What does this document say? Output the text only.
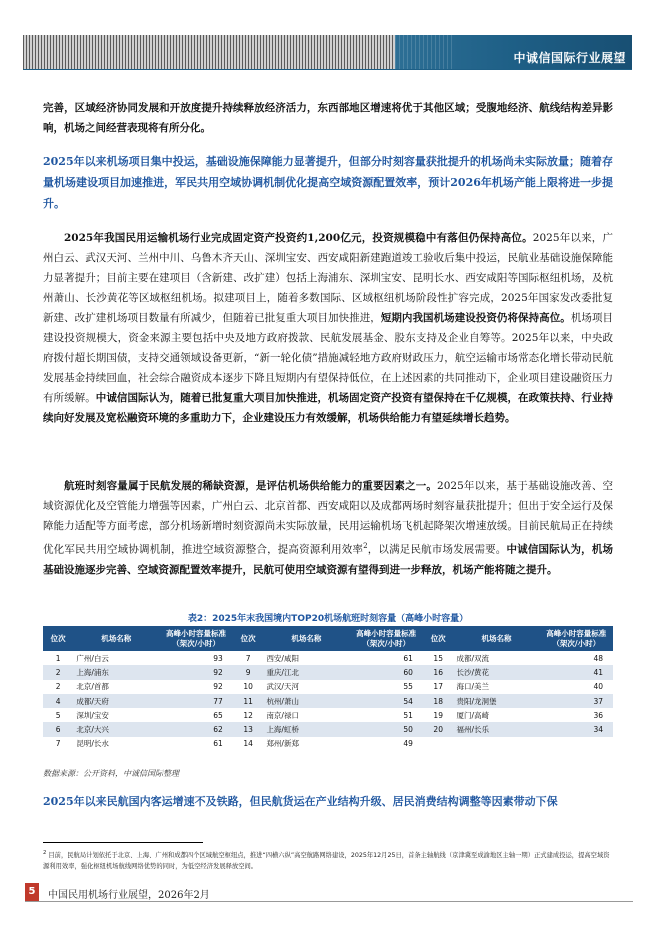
中诚信国际行业展望

完善，区域经济协同发展和开放度提升持续释放经济活力，东西部地区增速将优于其他区域；受腹地经济、航线结构差异影响，机场之间经营表现将有所分化。

2025年以来机场项目集中投运，基础设施保障能力显著提升，但部分时刻容量获批提升的机场尚未实际放量；随着存量机场建设项目加速推进，军民共用空域协调机制优化提高空域资源配置效率，预计2026年机场产能上限将进一步提升。

2025年我国民用运输机场行业完成固定资产投资约1,200亿元，投资规模稳中有落但仍保持高位。2025年以来，广州白云、武汉天河、兰州中川、乌鲁木齐天山、深圳宝安、西安咸阳新建跑道竣工验收后集中投运，民航业基础设施保障能力显著提升；目前主要在建项目（含新建、改扩建）包括上海浦东、深圳宝安、昆明长水、西安咸阳等国际枢纽机场，及杭州萧山、长沙黄花等区域枢纽机场。拟建项目上，随着多数国际、区域枢纽机场阶段性扩容完成，2025年国家发改委批复新建、改扩建机场项目数量有所减少，但随着已批复重大项目加快推进，短期内我国机场建设投资仍将保持高位。机场项目建设投资规模大，资金来源主要包括中央及地方政府拨款、民航发展基金、股东支持及企业自筹等。2025年以来，中央政府拨付超长期国债，支持交通领域设备更新，“新一轮化债”措施减轻地方政府财政压力，航空运输市场常态化增长带动民航发展基金持续回血，社会综合融资成本逐步下降且短期内有望保持低位，在上述因素的共同推动下，企业项目建设融资压力有所缓解。中诚信国际认为，随着已批复重大项目加快推进，机场固定资产投资有望保持在千亿规模，在政策扶持、行业持续向好发展及宽松融资环境的多重助力下，企业建设压力有效缓解，机场供给能力有望延续增长趋势。

航班时刻容量属于民航发展的稀缺资源，是评估机场供给能力的重要因素之一。2025年以来，基于基础设施改善、空域资源优化及空管能力增强等因素，广州白云、北京首都、西安咸阳以及成都两场时刻容量获批提升；但出于安全运行及保障能力适配等方面考虑，部分机场新增时刻资源尚未实际放量，民用运输机场飞机起降架次增速放缓。目前民航局正在持续优化军民共用空域协调机制，推进空域资源整合，提高资源利用效率$^2$，以满足民航市场发展需要。中诚信国际认为，机场基础设施逐步完善、空域资源配置效率提升，民航可使用空域资源有望得到进一步释放，机场产能将随之提升。

表2：2025年末我国境内TOP20机场航班时刻容量（高峰小时容量）
位次	机场名称	高峰小时容量标准（架次/小时）	位次	机场名称	高峰小时容量标准（架次/小时）	位次	机场名称	高峰小时容量标准（架次/小时）
1	广州/白云	93	7	西安/咸阳	61	15	成都/双流	48
2	上海/浦东	92	9	重庆/江北	60	16	长沙/黄花	41
2	北京/首都	92	10	武汉/天河	55	17	海口/美兰	40
4	成都/天府	77	11	杭州/萧山	54	18	贵阳/龙洞堡	37
5	深圳/宝安	65	12	南京/禄口	51	19	厦门/高崎	36
6	北京/大兴	62	13	上海/虹桥	50	20	福州/长乐	34
7	昆明/长水	61	14	郑州/新郑	49			
数据来源：公开资料，中诚信国际整理

2025年以来民航国内客运增速不及铁路，但民航货运在产业结构升级、居民消费结构调整等因素带动下保

$^2$ 目前，民航局计划依托于北京、上海、广州和成都四个区域航空枢纽点，推进“四横六纵”高空航路网络建设，2025年12月25日，首条主轴航线（京津冀至成渝地区主轴一期）正式建成投运，提高空域资源利用效率，强化枢纽机场航线网络优势的同时，为低空经济发展释放空间。
5	中国民用机场行业展望，2026年2月
